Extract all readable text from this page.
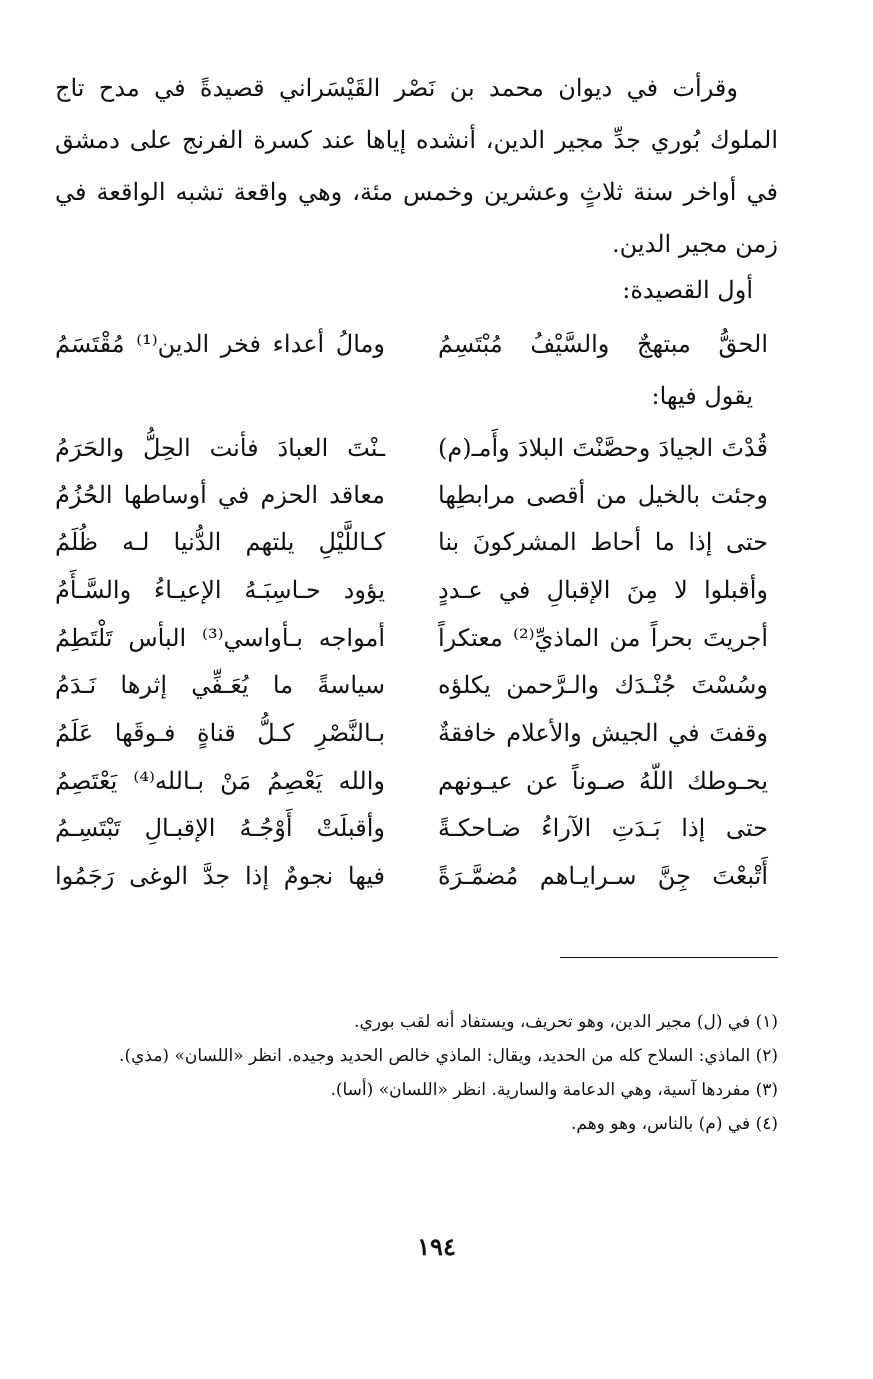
وقرأت في ديوان محمد بن نَصْر القَيْسَراني قصيدةً في مدح تاج الملوك بُوري جدِّ مجير الدين، أنشده إياها عند كسرة الفرنج على دمشق في أواخر سنة ثلاثٍ وعشرين وخمس مئة، وهي واقعة تشبه الواقعة في زمن مجير الدين.

أول القصيدة:
الحقُّ مبتهجٌ والسَّيْفُ مُبْتَسِمُ
ومالُ أعداء فخر الدين⁽¹⁾ مُقْتَسَمُ
يقول فيها:
قُدْتَ الجيادَ وحصَّنْتَ البلادَ وأَمـ(م)
ـنْتَ العبادَ فأنت الحِلُّ والحَرَمُ
وجئت بالخيل من أقصى مرابطِها
معاقد الحزم في أوساطها الحُزُمُ
حتى إذا ما أحاط المشركونَ بنا
كـاللَّيْلِ يلتهم الدُّنيا لـه ظُلَمُ
وأقبلوا لا مِنَ الإقبالِ في عـددٍ
يؤود حـاسِبَـهُ الإعيـاءُ والسَّـأَمُ
أجريتَ بحراً من الماذيِّ⁽²⁾ معتكراً
أمواجه بـأواسي⁽³⁾ البأس تَلْتَطِمُ
وسُسْتَ جُنْـدَك والـرَّحمن يكلؤه
سياسةً ما يُعَـفِّي إثرها نَـدَمُ
وقفتَ في الجيش والأعلام خافقةٌ
بـالنَّصْرِ كـلُّ قناةٍ فـوقَها عَلَمُ
يحـوطك اللّهُ صـوناً عن عيـونهم
والله يَعْصِمُ مَنْ بـالله⁽⁴⁾ يَعْتَصِمُ
حتى إذا بَـدَتِ الآراءُ ضـاحكـةً
وأقبلَتْ أَوْجُـهُ الإقبـالِ تَبْتَسِـمُ
أَتْبعْتَ جِنَّ سـرايـاهم مُضمَّـرَةً
فيها نجومٌ إذا جدَّ الوغى رَجَمُوا

(١) في (ل) مجير الدين، وهو تحريف، ويستفاد أنه لقب بوري.

(٢) الماذي: السلاح كله من الحديد، ويقال: الماذي خالص الحديد وجيده. انظر «اللسان» (مذي).

(٣) مفردها آسية، وهي الدعامة والسارية. انظر «اللسان» (أسا).

(٤) في (م) بالناس، وهو وهم.

١٩٤
